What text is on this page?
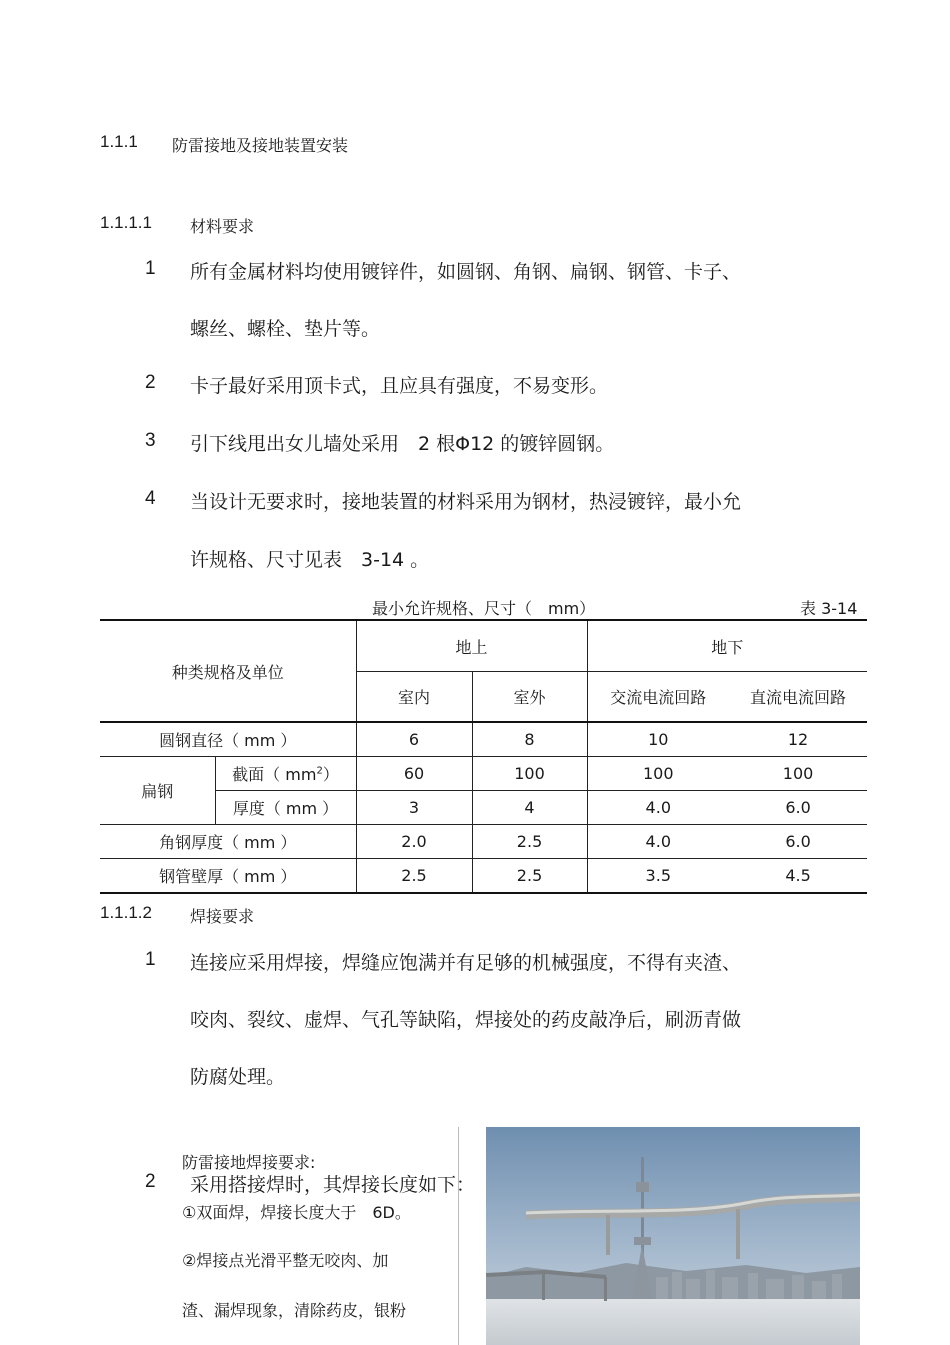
1.1.1 防雷接地及接地装置安装
1.1.1.1 材料要求
1 所有金属材料均使用镀锌件，如圆钢、角钢、扁钢、钢管、卡子、
螺丝、螺栓、垫片等。
2 卡子最好采用顶卡式，且应具有强度，不易变形。
3 引下线甩出女儿墙处采用　2 根Φ12 的镀锌圆钢。
4 当设计无要求时，接地装置的材料采用为钢材，热浸镀锌，最小允
许规格、尺寸见表　3-14 。
最小允许规格、尺寸（　mm）	表 3-14
种类规格及单位		地上		地下	
		室内	室外	交流电流回路	直流电流回路
圆钢直径（ mm ）		6	8	10	12
扁钢	截面（ $mm^2$）	60	100	100	100
	厚度（ mm ）	3	4	4.0	6.0
角钢厚度（ mm ）		2.0	2.5	4.0	6.0
钢管壁厚（ mm ）		2.5	2.5	3.5	4.5
1.1.1.2 焊接要求
1 连接应采用焊接，焊缝应饱满并有足够的机械强度，不得有夹渣、
咬肉、裂纹、虚焊、气孔等缺陷，焊接处的药皮敲净后，刷沥青做
防腐处理。
防雷接地焊接要求:
①双面焊，焊接长度大于　6D。
②焊接点光滑平整无咬肉、加
渣、漏焊现象，清除药皮，银粉
2 采用搭接焊时，其焊接长度如下：
